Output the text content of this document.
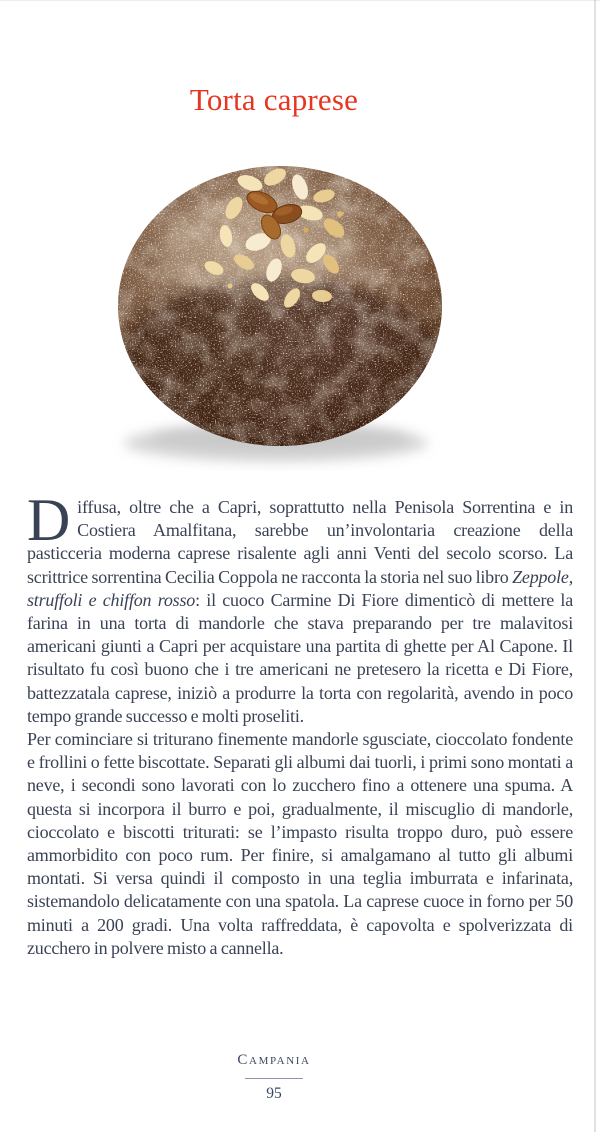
Torta caprese

Diffusa, oltre che a Capri, soprattutto nella Penisola Sorrentina e in Costiera Amalfitana, sarebbe un’involontaria creazione della pasticceria moderna caprese risalente agli anni Venti del secolo scorso. La scrittrice sorrentina Cecilia Coppola ne racconta la storia nel suo libro Zeppole, struffoli e chiffon rosso: il cuoco Carmine Di Fiore dimenticò di mettere la farina in una torta di mandorle che stava preparando per tre malavitosi americani giunti a Capri per acquistare una partita di ghette per Al Capone. Il risultato fu così buono che i tre americani ne pretesero la ricetta e Di Fiore, battezzatala caprese, iniziò a produrre la torta con regolarità, avendo in poco tempo grande successo e molti proseliti.

Per cominciare si triturano finemente mandorle sgusciate, cioccolato fondente e frollini o fette biscottate. Separati gli albumi dai tuorli, i primi sono montati a neve, i secondi sono lavorati con lo zucchero fino a ottenere una spuma. A questa si incorpora il burro e poi, gradualmente, il miscuglio di mandorle, cioccolato e biscotti triturati: se l’impasto risulta troppo duro, può essere ammorbidito con poco rum. Per finire, si amalgamano al tutto gli albumi montati. Si versa quindi il composto in una teglia imburrata e infarinata, sistemandolo delicatamente con una spatola. La caprese cuoce in forno per 50 minuti a 200 gradi. Una volta raffreddata, è capovolta e spolverizzata di zucchero in polvere misto a cannella.

Campania
95
